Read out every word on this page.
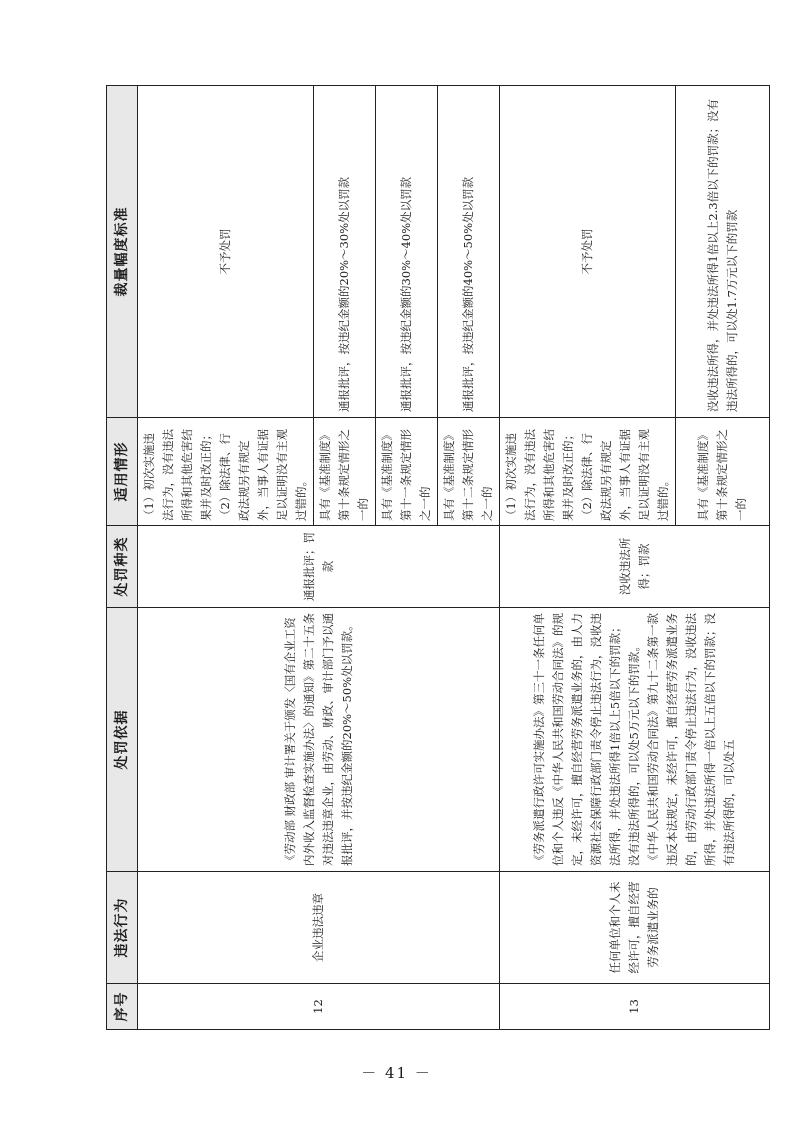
序号	违法行为	处罚依据	处罚种类	适用情形	裁量幅度标准
12	企业违法违章	《劳动部 财政部 审计署关于颁发〈国有企业工资内外收入监督检查实施办法〉的通知》第二十五条对违法违章企业，由劳动、财政、审计部门予以通报批评，并按违纪金额的20%～50%处以罚款。	通报批评；罚款	（1）初次实施违法行为，没有违法所得和其他危害结果并及时改正的； （2）除法律、行政法规另有规定外，当事人有证据足以证明没有主观过错的。	不予处罚
				具有《基准制度》第十条规定情形之一的	通报批评，按违纪金额的20%～30%处以罚款
				具有《基准制度》第十一条规定情形之一的	通报批评，按违纪金额的30%～40%处以罚款
				具有《基准制度》第十二条规定情形之一的	通报批评，按违纪金额的40%～50%处以罚款
13	任何单位和个人未经许可，擅自经营劳务派遣业务的	《劳务派遣行政许可实施办法》第三十一条任何单位和个人违反《中华人民共和国劳动合同法》的规定，未经许可，擅自经营劳务派遣业务的，由人力资源社会保障行政部门责令停止违法行为，没收违法所得，并处违法所得1倍以上5倍以下的罚款；没有违法所得的，可以处5万元以下的罚款。 《中华人民共和国劳动合同法》第九十二条第一款 违反本法规定，未经许可，擅自经营劳务派遣业务的，由劳动行政部门责令停止违法行为，没收违法所得，并处违法所得一倍以上五倍以下的罚款；没有违法所得的，可以处五	没收违法所得；罚款	（1）初次实施违法行为，没有违法所得和其他危害结果并及时改正的； （2）除法律、行政法规另有规定外，当事人有证据足以证明没有主观过错的。	不予处罚
				具有《基准制度》第十条规定情形之一的	没收违法所得，并处违法所得1倍以上2.3倍以下的罚款；没有违法所得的，可以处1.7万元以下的罚款
－ 41 －
